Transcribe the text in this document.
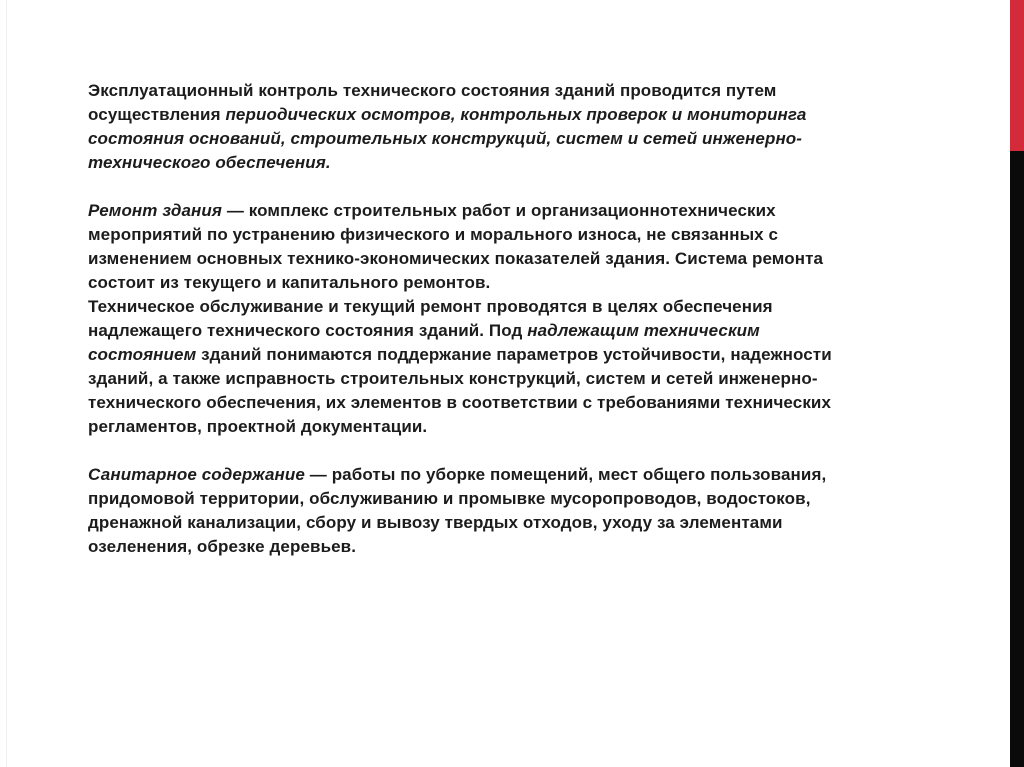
Эксплуатационный контроль технического состояния зданий проводится путем
осуществления периодических осмотров, контрольных проверок и мониторинга
состояния оснований, строительных конструкций, систем и сетей инженерно-
технического обеспечения.
Ремонт здания — комплекс строительных работ и организационнотехнических
мероприятий по устранению физического и морального износа, не связанных с
изменением основных технико-экономических показателей здания. Система ремонта
состоит из текущего и капитального ремонтов.
Техническое обслуживание и текущий ремонт проводятся в целях обеспечения
надлежащего технического состояния зданий. Под надлежащим техническим
состоянием зданий понимаются поддержание параметров устойчивости, надежности
зданий, а также исправность строительных конструкций, систем и сетей инженерно-
технического обеспечения, их элементов в соответствии с требованиями технических
регламентов, проектной документации.
Санитарное содержание — работы по уборке помещений, мест общего пользования,
придомовой территории, обслуживанию и промывке мусоропроводов, водостоков,
дренажной канализации, сбору и вывозу твердых отходов, уходу за элементами
озеленения, обрезке деревьев.
